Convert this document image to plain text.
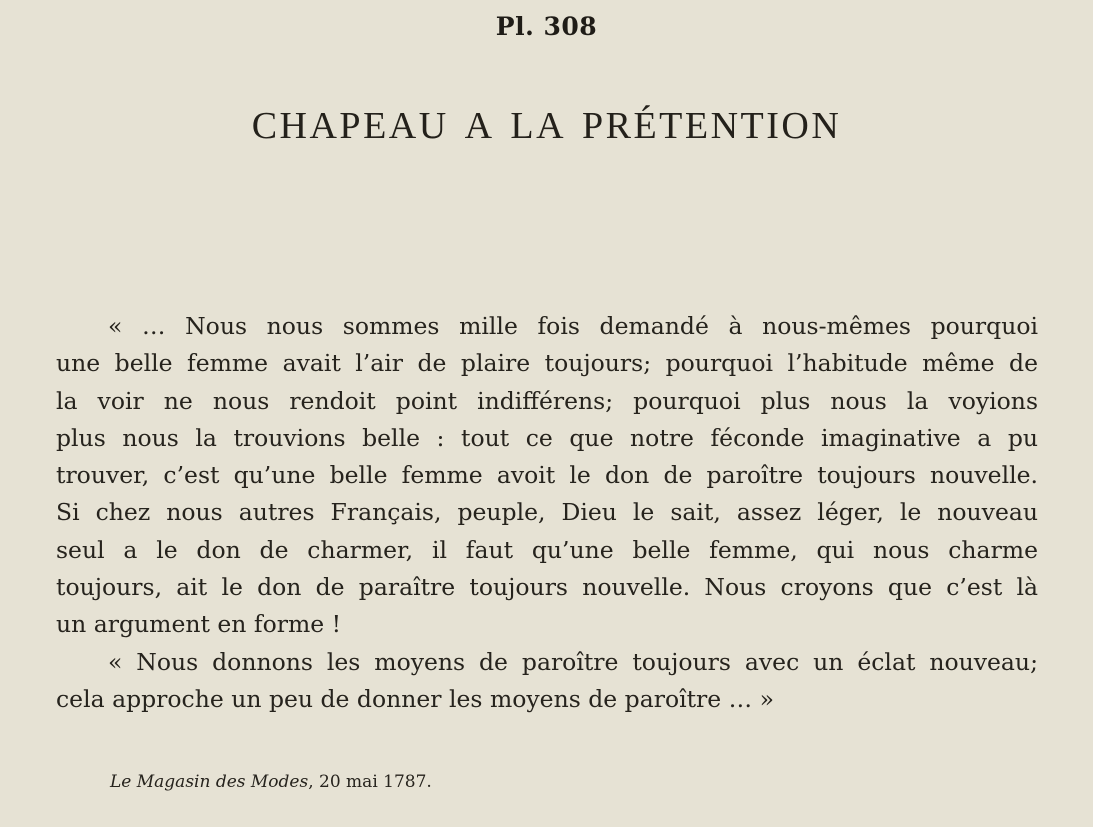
Pl. 308
CHAPEAU A LA PRÉTENTION
« … Nous nous sommes mille fois demandé à nous-mêmes pourquoi
une belle femme avait l’air de plaire toujours; pourquoi l’habitude même de
la voir ne nous rendoit point indifférens; pourquoi plus nous la voyions
plus nous la trouvions belle : tout ce que notre féconde imaginative a pu
trouver, c’est qu’une belle femme avoit le don de paroître toujours nouvelle.
Si chez nous autres Français, peuple, Dieu le sait, assez léger, le nouveau
seul a le don de charmer, il faut qu’une belle femme, qui nous charme
toujours, ait le don de paraître toujours nouvelle. Nous croyons que c’est là
un argument en forme !
« Nous donnons les moyens de paroître toujours avec un éclat nouveau;
cela approche un peu de donner les moyens de paroître … »
Le Magasin des Modes, 20 mai 1787.
